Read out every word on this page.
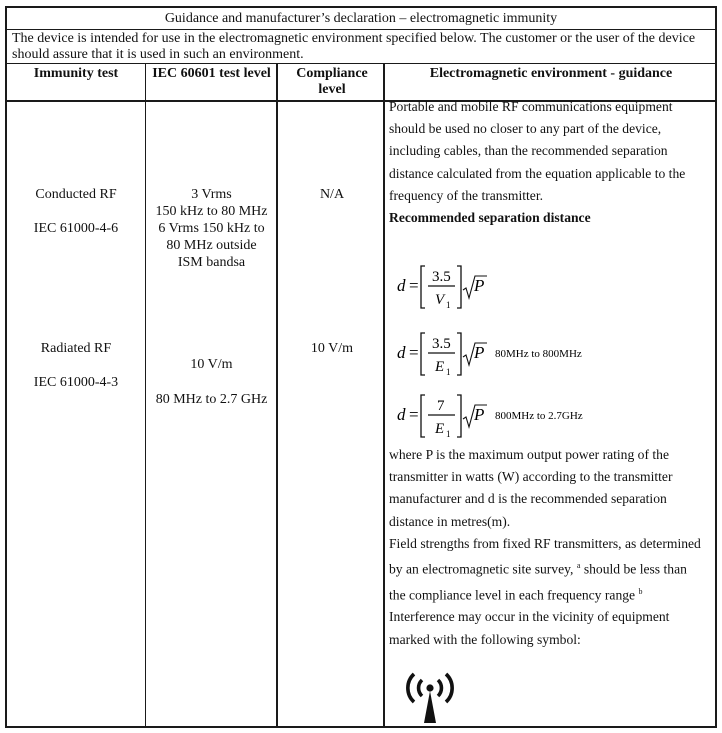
Guidance and manufacturer’s declaration – electromagnetic immunity
The device is intended for use in the electromagnetic environment specified below. The customer or the user of the device should assure that it is used in such an environment.
Immunity test	IEC 60601 test level	Compliance level
Electromagnetic environment - guidance
Conducted RF
IEC 61000-4-6
3 Vrms
150 kHz to 80 MHz
6 Vrms 150 kHz to
80 MHz outside
ISM bandsa
N/A
Radiated RF
IEC 61000-4-3
10 V/m
80 MHz to 2.7 GHz
10 V/m

Portable and mobile RF communications equipment should be used no closer to any part of the device, including cables, than the recommended separation distance calculated from the equation applicable to the frequency of the transmitter.

Recommended separation distance

d = 3.5
V 1
P
d = 3.5
E 1
P 80MHz to 800MHz
d = 7
E 1
P 800MHz to 2.7GHz

where P is the maximum output power rating of the transmitter in watts (W) according to the transmitter manufacturer and d is the recommended separation distance in metres(m).

Field strengths from fixed RF transmitters, as determined by an electromagnetic site survey, $^a$ should be less than the compliance level in each frequency range $^b$

Interference may occur in the vicinity of equipment marked with the following symbol:
